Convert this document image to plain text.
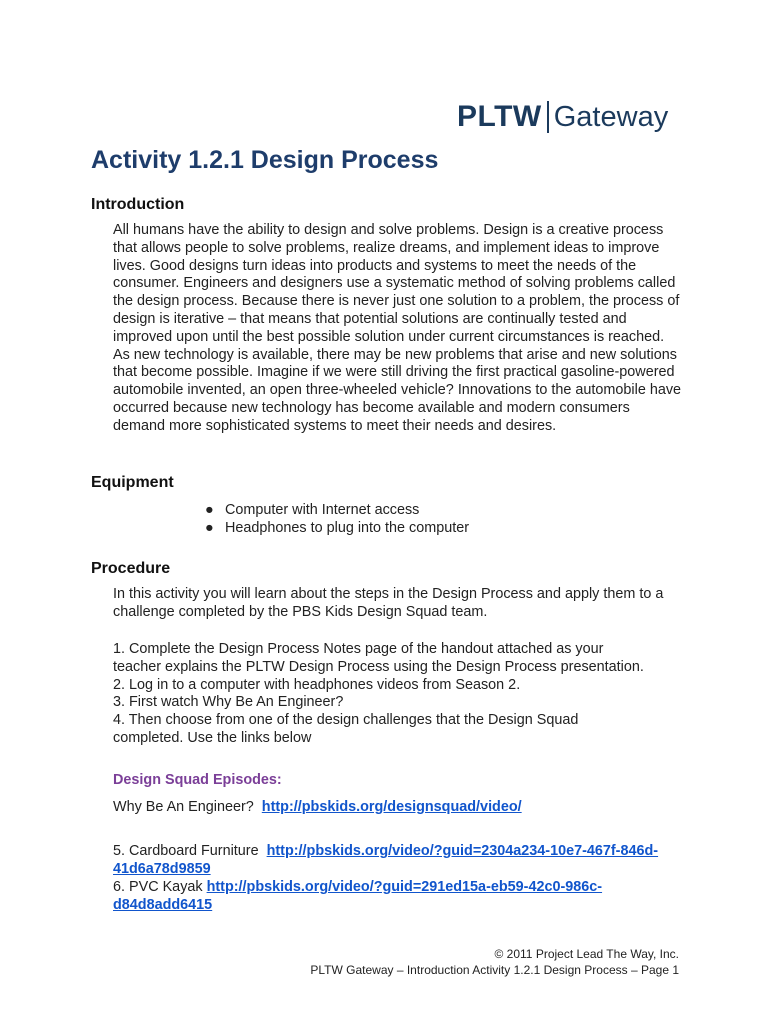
PLTW Gateway
Activity 1.2.1 Design Process
Introduction

All humans have the ability to design and solve problems. Design is a creative process that allows people to solve problems, realize dreams, and implement ideas to improve lives. Good designs turn ideas into products and systems to meet the needs of the consumer. Engineers and designers use a systematic method of solving problems called the design process. Because there is never just one solution to a problem, the process of design is iterative – that means that potential solutions are continually tested and improved upon until the best possible solution under current circumstances is reached. As new technology is available, there may be new problems that arise and new solutions that become possible. Imagine if we were still driving the first practical gasoline-powered automobile invented, an open three-wheeled vehicle? Innovations to the automobile have occurred because new technology has become available and modern consumers demand more sophisticated systems to meet their needs and desires.

Equipment
● Computer with Internet access
● Headphones to plug into the computer
Procedure

In this activity you will learn about the steps in the Design Process and apply them to a challenge completed by the PBS Kids Design Squad team.

1. Complete the Design Process Notes page of the handout attached as your
teacher explains the PLTW Design Process using the Design Process presentation.
2. Log in to a computer with headphones videos from Season 2.
3. First watch Why Be An Engineer?
4. Then choose from one of the design challenges that the Design Squad
completed. Use the links below
Design Squad Episodes:
Why Be An Engineer? http://pbskids.org/designsquad/video/
5. Cardboard Furniture http://pbskids.org/video/?guid=2304a234-10e7-467f-846d-41d6a78d9859
6. PVC Kayak http://pbskids.org/video/?guid=291ed15a-eb59-42c0-986c-d84d8add6415
© 2011 Project Lead The Way, Inc.
PLTW Gateway – Introduction Activity 1.2.1 Design Process – Page 1
